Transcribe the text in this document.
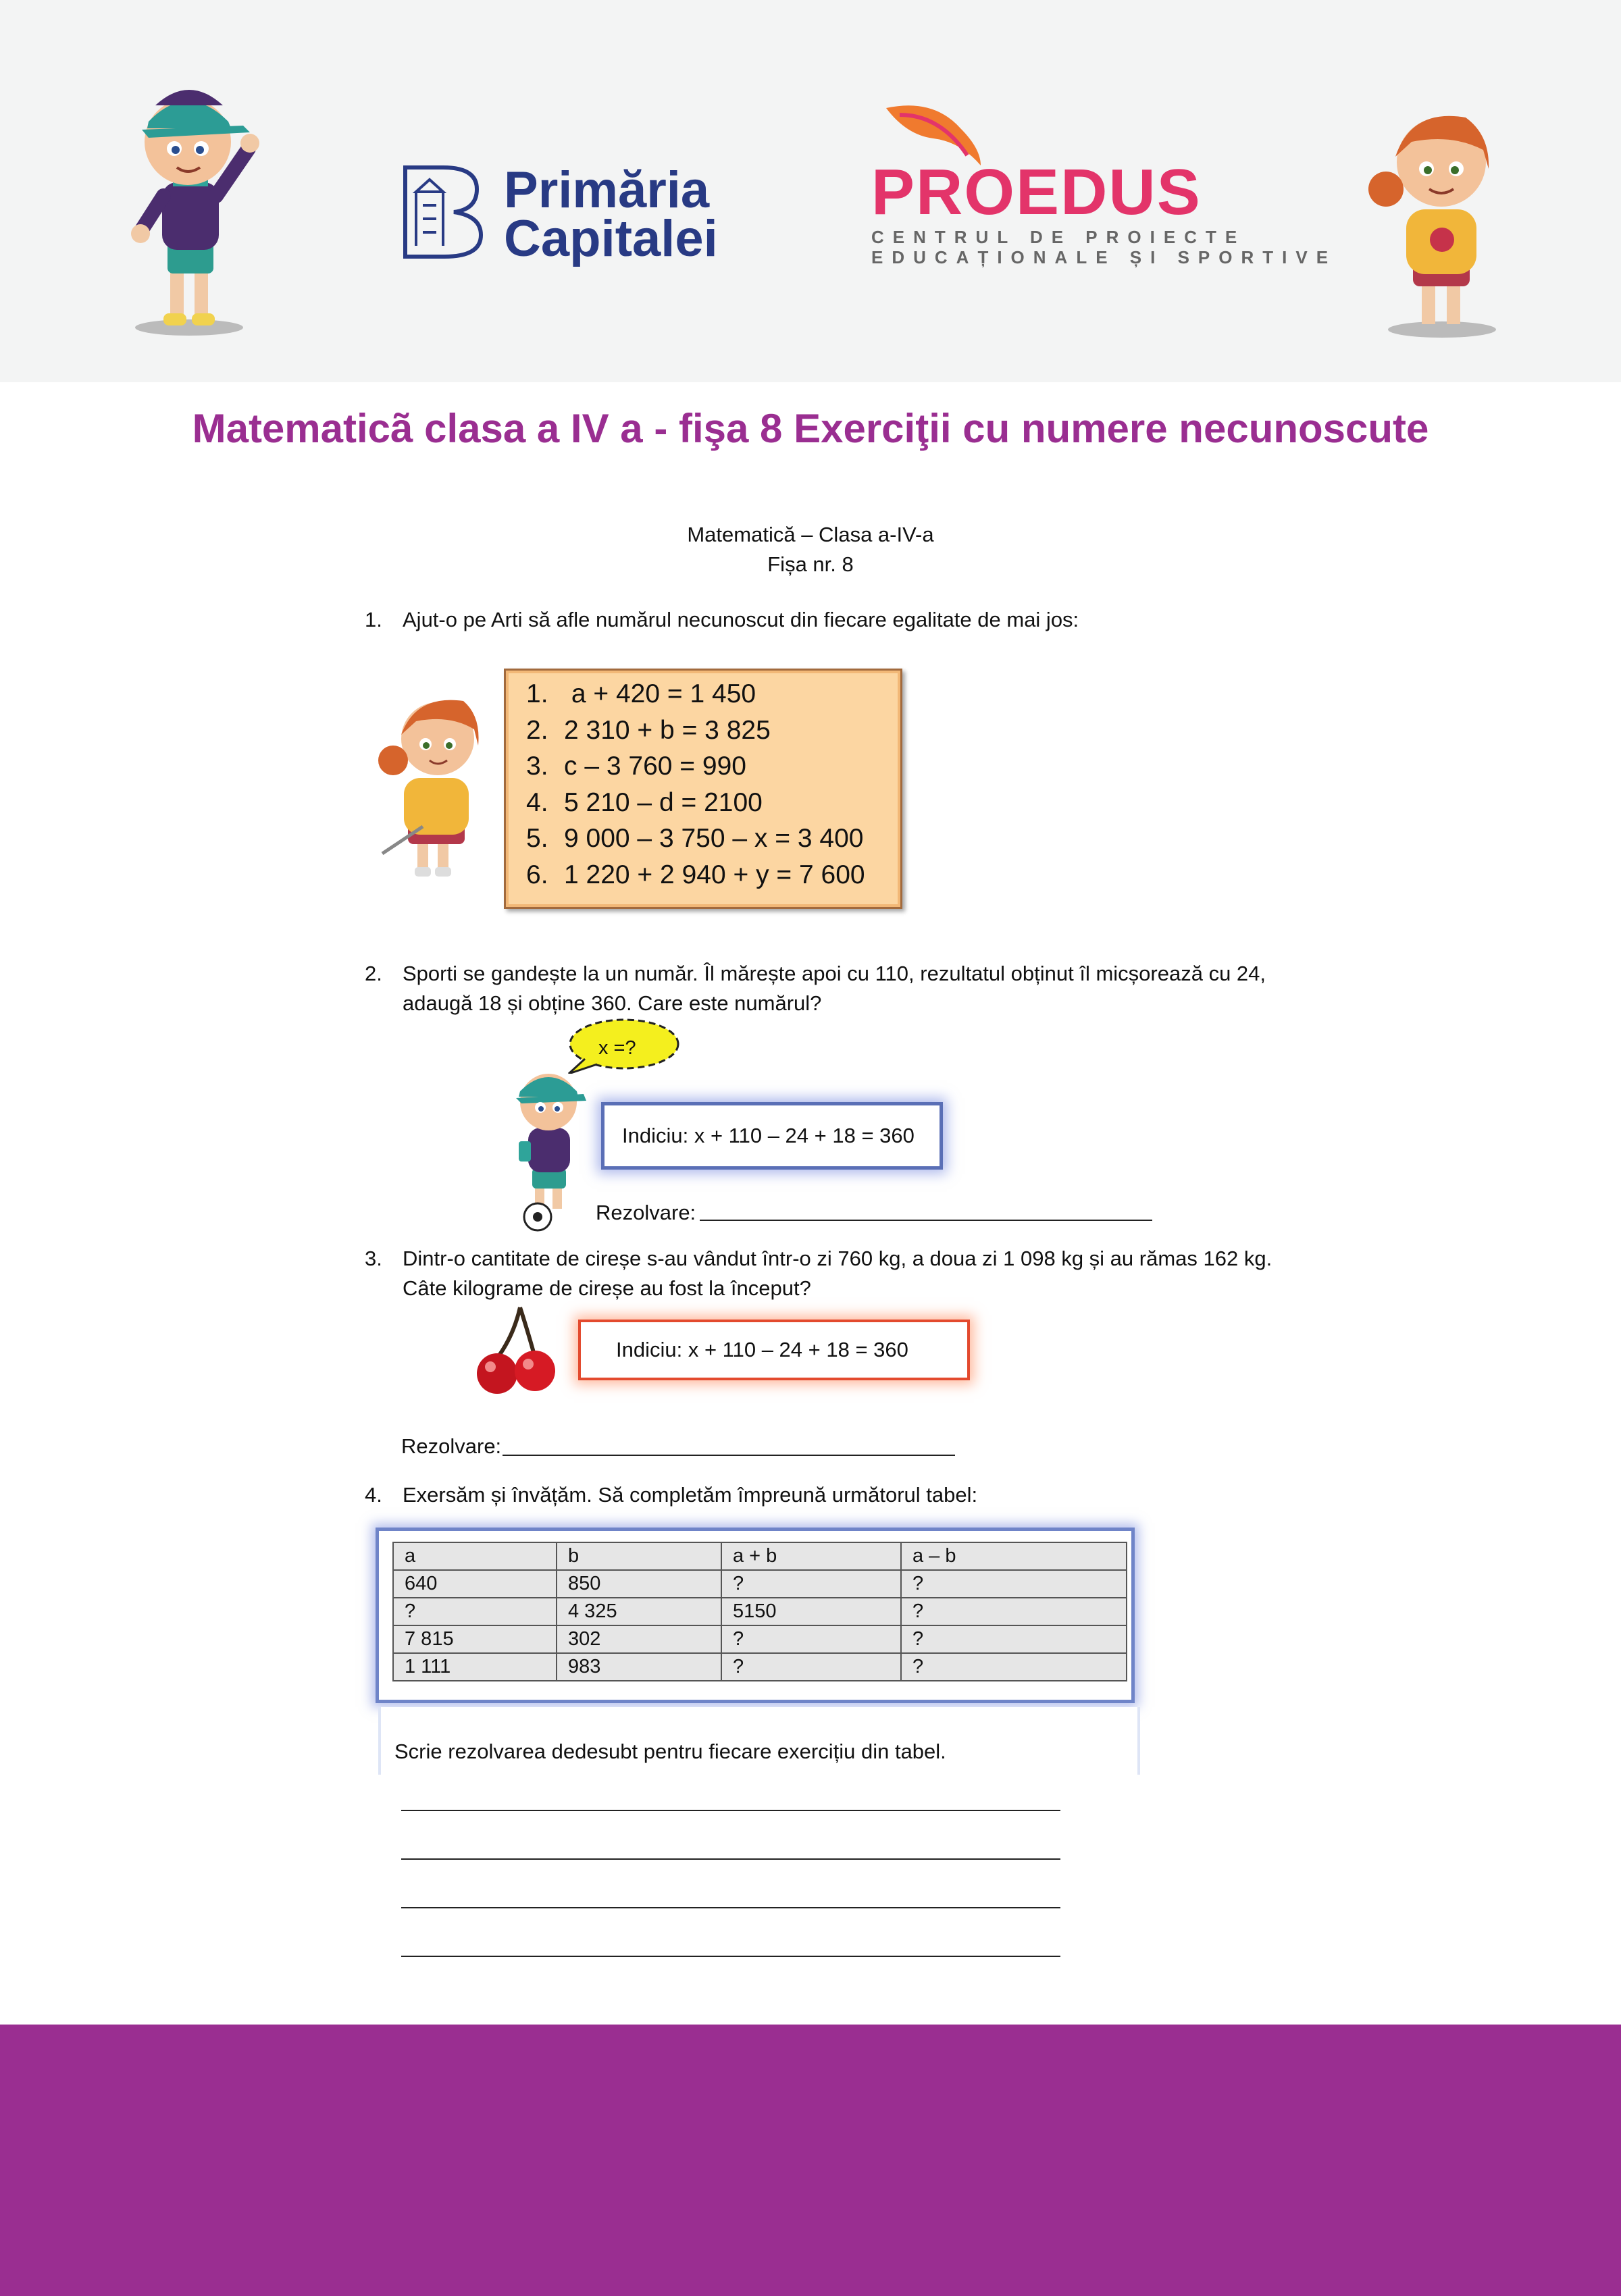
Primăria
Capitalei
PROEDUS
CENTRUL DE PROIECTE
EDUCAȚIONALE ȘI SPORTIVE
Matematicã clasa a IV a - fişa 8 Exerciţii cu numere necunoscute
Matematică – Clasa a-IV-a
Fișa nr. 8
1. Ajut-o pe Arti să afle numărul necunoscut din fiecare egalitate de mai jos:
1. a + 420 = 1 450
2. 2 310 + b = 3 825
3. c – 3 760 = 990
4. 5 210 – d = 2100
5. 9 000 – 3 750 – x = 3 400
6. 1 220 + 2 940 + y = 7 600
2. Sporti se gandește la un număr. Îl mărește apoi cu 110, rezultatul obținut îl micșorează cu 24,
adaugă 18 și obține 360. Care este numărul?
x =?
Indiciu: x + 110 – 24 + 18 = 360
Rezolvare:
3. Dintr-o cantitate de cireșe s-au vândut într-o zi 760 kg, a doua zi 1 098 kg și au rămas 162 kg.
Câte kilograme de cireșe au fost la început?
Indiciu: x + 110 – 24 + 18 = 360
Rezolvare:
4. Exersăm și învățăm. Să completăm împreună următorul tabel:
a	b	a + b	a – b
640	850	?	?
?	4 325	5150	?
7 815	302	?	?
1 111	983	?	?
Scrie rezolvarea dedesubt pentru fiecare exercițiu din tabel.
